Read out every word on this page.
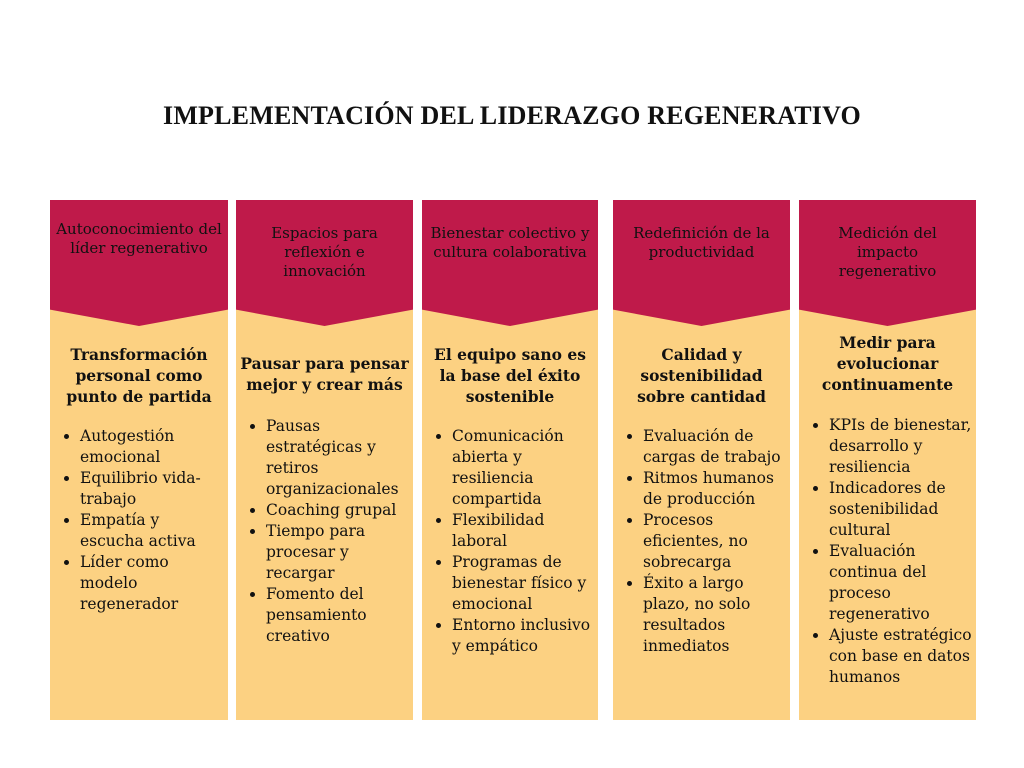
IMPLEMENTACIÓN DEL LIDERAZGO REGENERATIVO
Autoconocimiento del líder regenerativo
Transformación personal como punto de partida
• Autogestión emocional
• Equilibrio vida-trabajo
• Empatía y escucha activa
• Líder como modelo regenerador
Espacios para reflexión e innovación
Pausar para pensar mejor y crear más
• Pausas estratégicas y retiros organizacionales
• Coaching grupal
• Tiempo para procesar y recargar
• Fomento del pensamiento creativo
Bienestar colectivo y cultura colaborativa
El equipo sano es la base del éxito sostenible
• Comunicación abierta y resiliencia compartida
• Flexibilidad laboral
• Programas de bienestar físico y emocional
• Entorno inclusivo y empático
Redefinición de la productividad
Calidad y sostenibilidad sobre cantidad
• Evaluación de cargas de trabajo
• Ritmos humanos de producción
• Procesos eficientes, no sobrecarga
• Éxito a largo plazo, no solo resultados inmediatos
Medición del impacto regenerativo
Medir para evolucionar continuamente
• KPIs de bienestar, desarrollo y resiliencia
• Indicadores de sostenibilidad cultural
• Evaluación continua del proceso regenerativo
• Ajuste estratégico con base en datos humanos
